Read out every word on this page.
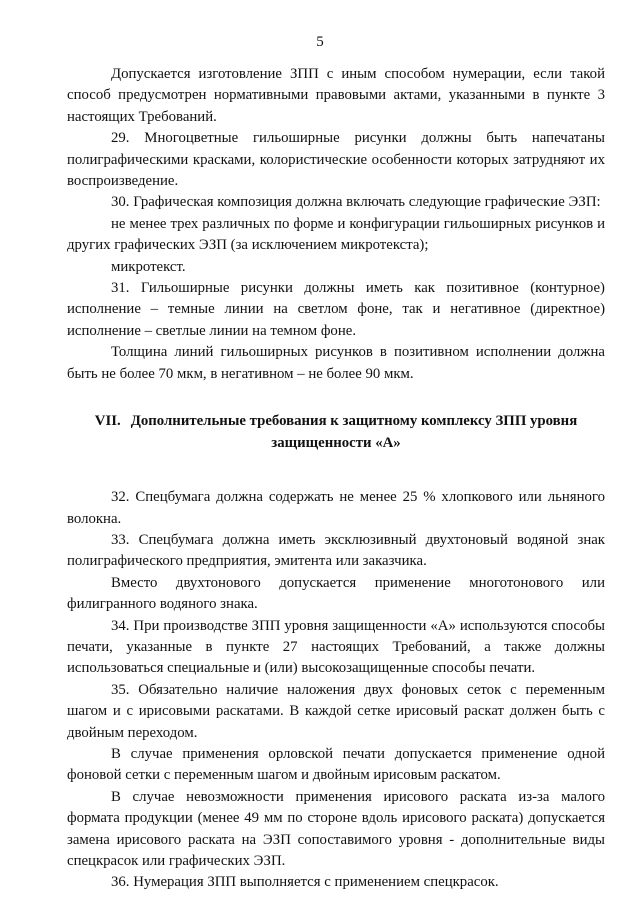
5

Допускается изготовление ЗПП с иным способом нумерации, если такой способ предусмотрен нормативными правовыми актами, указанными в пункте 3 настоящих Требований.

29. Многоцветные гильоширные рисунки должны быть напечатаны полиграфическими красками, колористические особенности которых затрудняют их воспроизведение.

30. Графическая композиция должна включать следующие графические ЭЗП:

не менее трех различных по форме и конфигурации гильоширных рисунков и других графических ЭЗП (за исключением микротекста);

микротекст.

31. Гильоширные рисунки должны иметь как позитивное (контурное) исполнение – темные линии на светлом фоне, так и негативное (директное) исполнение – светлые линии на темном фоне.

Толщина линий гильоширных рисунков в позитивном исполнении должна быть не более 70 мкм, в негативном – не более 90 мкм.

VII. Дополнительные требования к защитному комплексу ЗПП уровня защищенности «А»

32. Спецбумага должна содержать не менее 25 % хлопкового или льняного волокна.

33. Спецбумага должна иметь эксклюзивный двухтоновый водяной знак полиграфического предприятия, эмитента или заказчика.

Вместо двухтонового допускается применение многотонового или филигранного водяного знака.

34. При производстве ЗПП уровня защищенности «А» используются способы печати, указанные в пункте 27 настоящих Требований, а также должны использоваться специальные и (или) высокозащищенные способы печати.

35. Обязательно наличие наложения двух фоновых сеток с переменным шагом и с ирисовыми раскатами. В каждой сетке ирисовый раскат должен быть с двойным переходом.

В случае применения орловской печати допускается применение одной фоновой сетки с переменным шагом и двойным ирисовым раскатом.

В случае невозможности применения ирисового раската из-за малого формата продукции (менее 49 мм по стороне вдоль ирисового раската) допускается замена ирисового раската на ЭЗП сопоставимого уровня - дополнительные виды спецкрасок или графических ЭЗП.

36. Нумерация ЗПП выполняется с применением спецкрасок.
